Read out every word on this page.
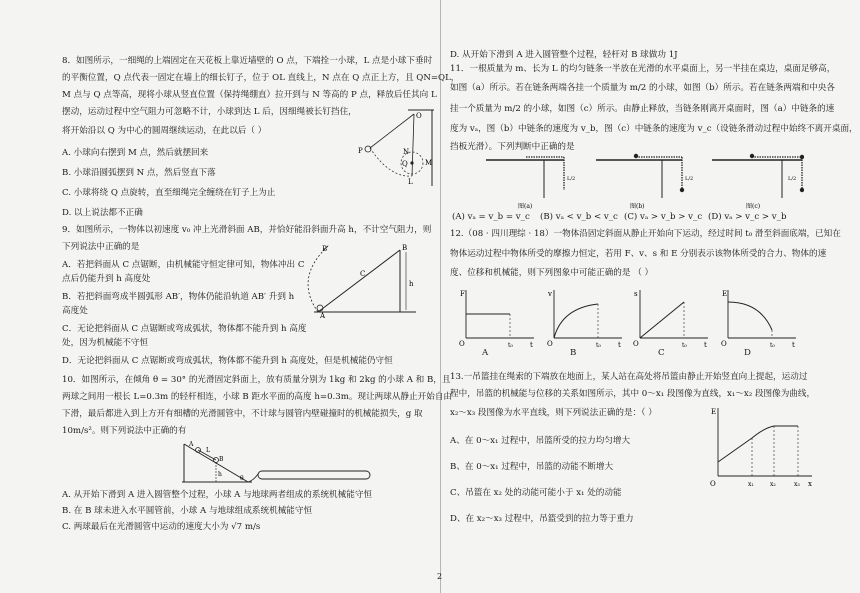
8．如图所示，一细绳的上端固定在天花板上靠近墙壁的 O 点，下端拴一小球，L 点是小球下垂时
的平衡位置，Q 点代表一固定在墙上的细长钉子，位于 OL 直线上，N 点在 Q 点正上方，且 QN=QL，
M 点与 Q 点等高，现将小球从竖直位置（保持绳绷直）拉开到与 N 等高的 P 点，释放后任其向 L
摆动，运动过程中空气阻力可忽略不计，小球到达 L 后，因细绳被长钉挡住，
将开始沿以 Q 为中心的圆周继续运动，在此以后（ ）
A. 小球向右摆到 M 点，然后就摆回来
B. 小球沿圆弧摆到 N 点，然后竖直下落
C. 小球将绕 Q 点旋转，直至细绳完全缠绕在钉子上为止
D. 以上说法都不正确
O
P	N
M
Q
L
9．如图所示，一物体以初速度 v₀ 冲上光滑斜面 AB，并恰好能沿斜面升高 h，不计空气阻力，则
下列说法中正确的是
A．若把斜面从 C 点锯断，由机械能守恒定律可知，物体冲出 C
点后仍能升到 h 高度处
B．若把斜面弯成半圆弧形 AB′，物体仍能沿轨道 AB′ 升到 h
高度处
C．无论把斜面从 C 点锯断或弯成弧状，物体都不能升到 h 高度
处，因为机械能不守恒
D．无论把斜面从 C 点锯断或弯成弧状，物体都不能升到 h 高度处，但是机械能仍守恒
B′	B
C
h
A
10．如图所示，在倾角 θ = 30° 的光滑固定斜面上，放有质量分别为 1kg 和 2kg 的小球 A 和 B，且
两球之间用一根长 L=0.3m 的轻杆相连，小球 B 距水平面的高度 h=0.3m。现让两球从静止开始自由
下滑，最后都进入到上方开有细槽的光滑圆管中，不计球与圆管内壁碰撞时的机械能损失，g 取
10m/s²。则下列说法中正确的有
A
B
L
h
θ
A. 从开始下滑到 A 进入圆管整个过程，小球 A 与地球两者组成的系统机械能守恒
B. 在 B 球未进入水平圆管前，小球 A 与地球组成系统机械能守恒
C. 两球最后在光滑圆管中运动的速度大小为 √7 m/s
D. 从开始下滑到 A 进入圆管整个过程，轻杆对 B 球做功 1J
11．一根质量为 m、长为 L 的均匀链条一半放在光滑的水平桌面上，另一半挂在桌边，桌面足够高，
如图（a）所示。若在链条两端各挂一个质量为 m/2 的小球，如图（b）所示。若在链条两端和中央各
挂一个质量为 m/2 的小球，如图（c）所示。由静止释放，当链条刚离开桌面时，图（a）中链条的速
度为 vₐ，图（b）中链条的速度为 v_b，图（c）中链条的速度为 v_c（设链条滑动过程中始终不离开桌面，
挡板光滑）。下列判断中正确的是
L/2
图(a)
L/2
图(b)
L/2
图(c)
(A) vₐ = v_b = v_c (B) vₐ < v_b < v_c (C) vₐ > v_b > v_c (D) vₐ > v_c > v_b
12.（08 · 四川理综 · 18）一物体沿固定斜面从静止开始向下运动，经过时间 t₀ 滑至斜面底端，已知在
物体运动过程中物体所受的摩擦力恒定，若用 F、v、s 和 E 分别表示该物体所受的合力、物体的速
度、位移和机械能，则下列图象中可能正确的是 （ ）
F
O	t₀ t
A
v
O	t₀ t
B
s
O	t₀ t
C
E
O	t₀ t
D
13.一吊篮挂在绳索的下端放在地面上，某人站在高处将吊篮由静止开始竖直向上提起，运动过
程中，吊篮的机械能与位移的关系如图所示，其中 0～x₁ 段图像为直线，x₁～x₂ 段图像为曲线，
x₂～x₃ 段图像为水平直线，则下列说法正确的是：（ ）
A、在 0～x₁ 过程中，吊篮所受的拉力均匀增大
B、在 0～x₁ 过程中，吊篮的动能不断增大
C、吊篮在 x₂ 处的动能可能小于 x₁ 处的动能
D、在 x₂～x₃ 过程中，吊篮受到的拉力等于重力
E
O	x₁	x₂	x₃ x
2
